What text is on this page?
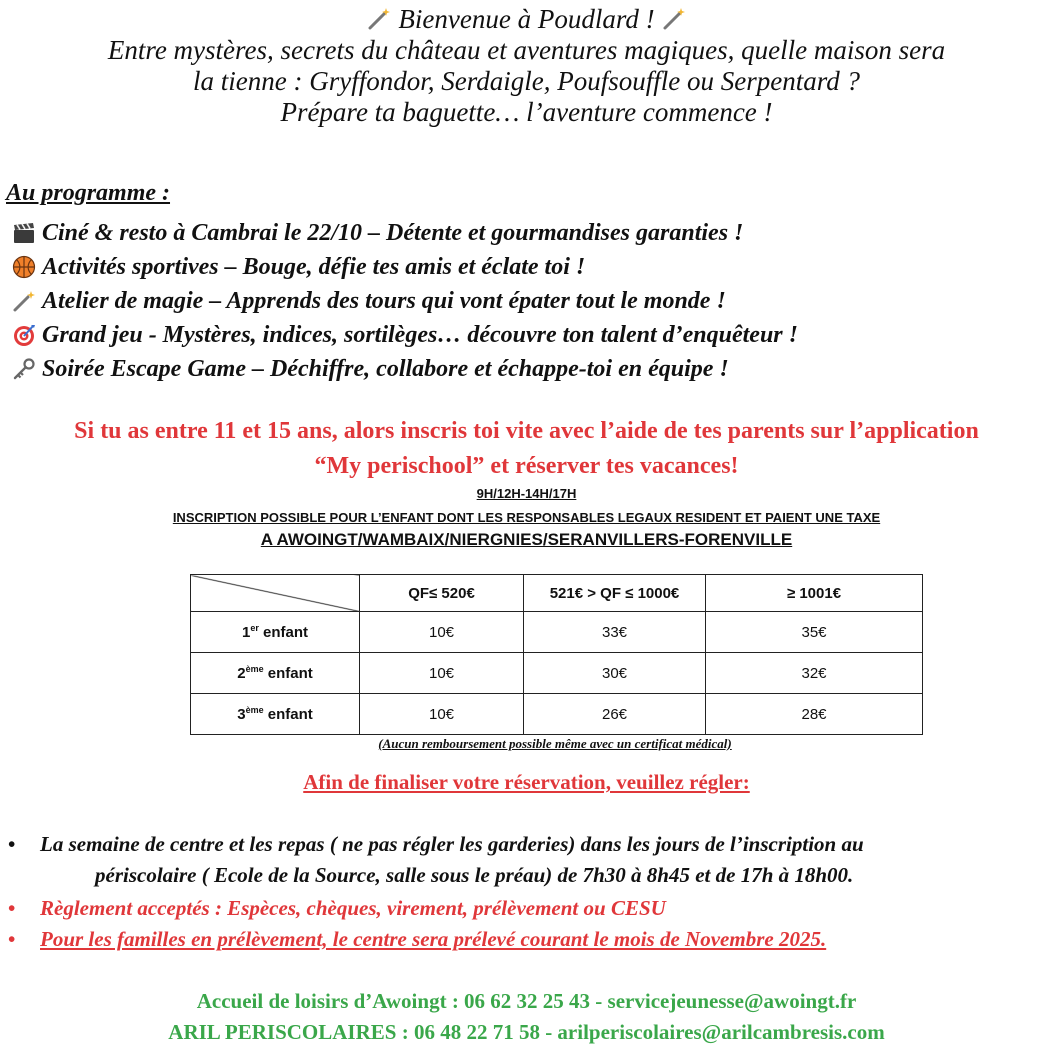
Bienvenue à Poudlard !
Entre mystères, secrets du château et aventures magiques, quelle maison sera
la tienne : Gryffondor, Serdaigle, Poufsouffle ou Serpentard ?
Prépare ta baguette… l’aventure commence !
Au programme :
Ciné & resto à Cambrai le 22/10 – Détente et gourmandises garanties !
Activités sportives – Bouge, défie tes amis et éclate toi !
Atelier de magie – Apprends des tours qui vont épater tout le monde !
Grand jeu - Mystères, indices, sortilèges… découvre ton talent d’enquêteur !
Soirée Escape Game – Déchiffre, collabore et échappe-toi en équipe !
Si tu as entre 11 et 15 ans, alors inscris toi vite avec l’aide de tes parents sur l’application
“My perischool” et réserver tes vacances!
9H/12H-14H/17H
INSCRIPTION POSSIBLE POUR L’ENFANT DONT LES RESPONSABLES LEGAUX RESIDENT ET PAIENT UNE TAXE
A AWOINGT/WAMBAIX/NIERGNIES/SERANVILLERS-FORENVILLE
	QF≤ 520€	521€ > QF ≤ 1000€	≥ 1001€
1er enfant	10€	33€	35€
2ème enfant	10€	30€	32€
3ème enfant	10€	26€	28€
(Aucun remboursement possible même avec un certificat médical)
Afin de finaliser votre réservation, veuillez régler:
• La semaine de centre et les repas ( ne pas régler les garderies) dans les jours de l’inscription au
périscolaire ( Ecole de la Source, salle sous le préau) de 7h30 à 8h45 et de 17h à 18h00.
• Règlement acceptés : Espèces, chèques, virement, prélèvement ou CESU
• Pour les familles en prélèvement, le centre sera prélevé courant le mois de Novembre 2025.
Accueil de loisirs d’Awoingt : 06 62 32 25 43 - servicejeunesse@awoingt.fr
ARIL PERISCOLAIRES : 06 48 22 71 58 - arilperiscolaires@arilcambresis.com
